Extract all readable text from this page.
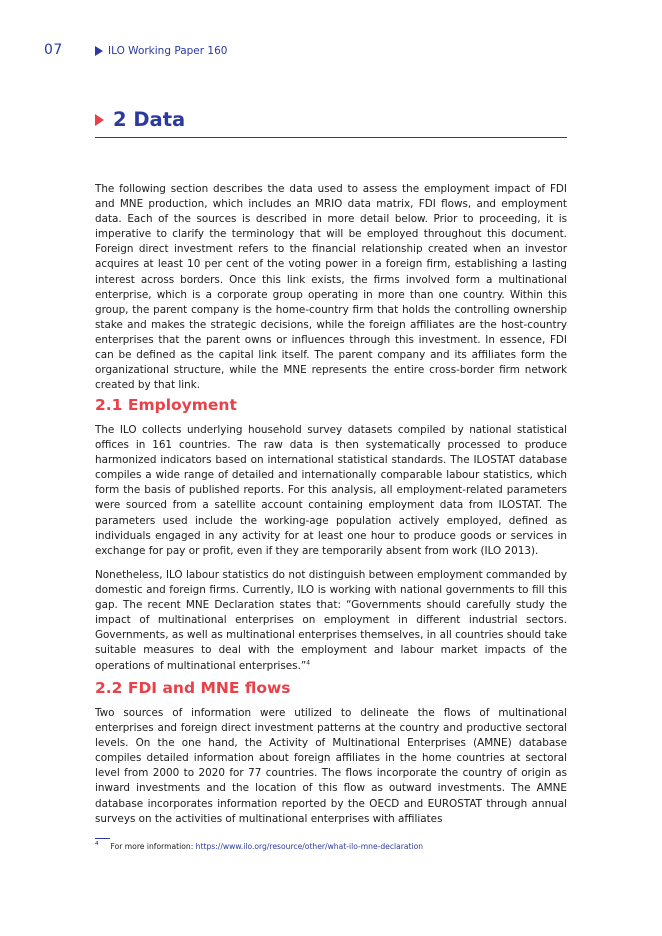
07	ILO Working Paper 160
2 Data

The following section describes the data used to assess the employment impact of FDI and MNE production, which includes an MRIO data matrix, FDI flows, and employment data. Each of the sources is described in more detail below. Prior to proceeding, it is imperative to clarify the terminology that will be employed throughout this document. Foreign direct investment refers to the financial relationship created when an investor acquires at least 10 per cent of the voting power in a foreign firm, establishing a lasting interest across borders. Once this link exists, the firms involved form a multinational enterprise, which is a corporate group operating in more than one country. Within this group, the parent company is the home-country firm that holds the controlling ownership stake and makes the strategic decisions, while the foreign affiliates are the host-country enterprises that the parent owns or influences through this investment. In essence, FDI can be defined as the capital link itself. The parent company and its affiliates form the organizational structure, while the MNE represents the entire cross-border firm network created by that link.

2.1 Employment

The ILO collects underlying household survey datasets compiled by national statistical offices in 161 countries. The raw data is then systematically processed to produce harmonized indicators based on international statistical standards. The ILOSTAT database compiles a wide range of detailed and internationally comparable labour statistics, which form the basis of published reports. For this analysis, all employment-related parameters were sourced from a satellite account containing employment data from ILOSTAT. The parameters used include the working-age population actively employed, defined as individuals engaged in any activity for at least one hour to produce goods or services in exchange for pay or profit, even if they are temporarily absent from work (ILO 2013).

Nonetheless, ILO labour statistics do not distinguish between employment commanded by domestic and foreign firms. Currently, ILO is working with national governments to fill this gap. The recent MNE Declaration states that: “Governments should carefully study the impact of multinational enterprises on employment in different industrial sectors. Governments, as well as multinational enterprises themselves, in all countries should take suitable measures to deal with the employment and labour market impacts of the operations of multinational enterprises.”$^4$

2.2 FDI and MNE flows

Two sources of information were utilized to delineate the flows of multinational enterprises and foreign direct investment patterns at the country and productive sectoral levels. On the one hand, the Activity of Multinational Enterprises (AMNE) database compiles detailed information about foreign affiliates in the home countries at sectoral level from 2000 to 2020 for 77 countries. The flows incorporate the country of origin as inward investments and the location of this flow as outward investments. The AMNE database incorporates information reported by the OECD and EUROSTAT through annual surveys on the activities of multinational enterprises with affiliates

4 For more information: https://www.ilo.org/resource/other/what-ilo-mne-declaration
